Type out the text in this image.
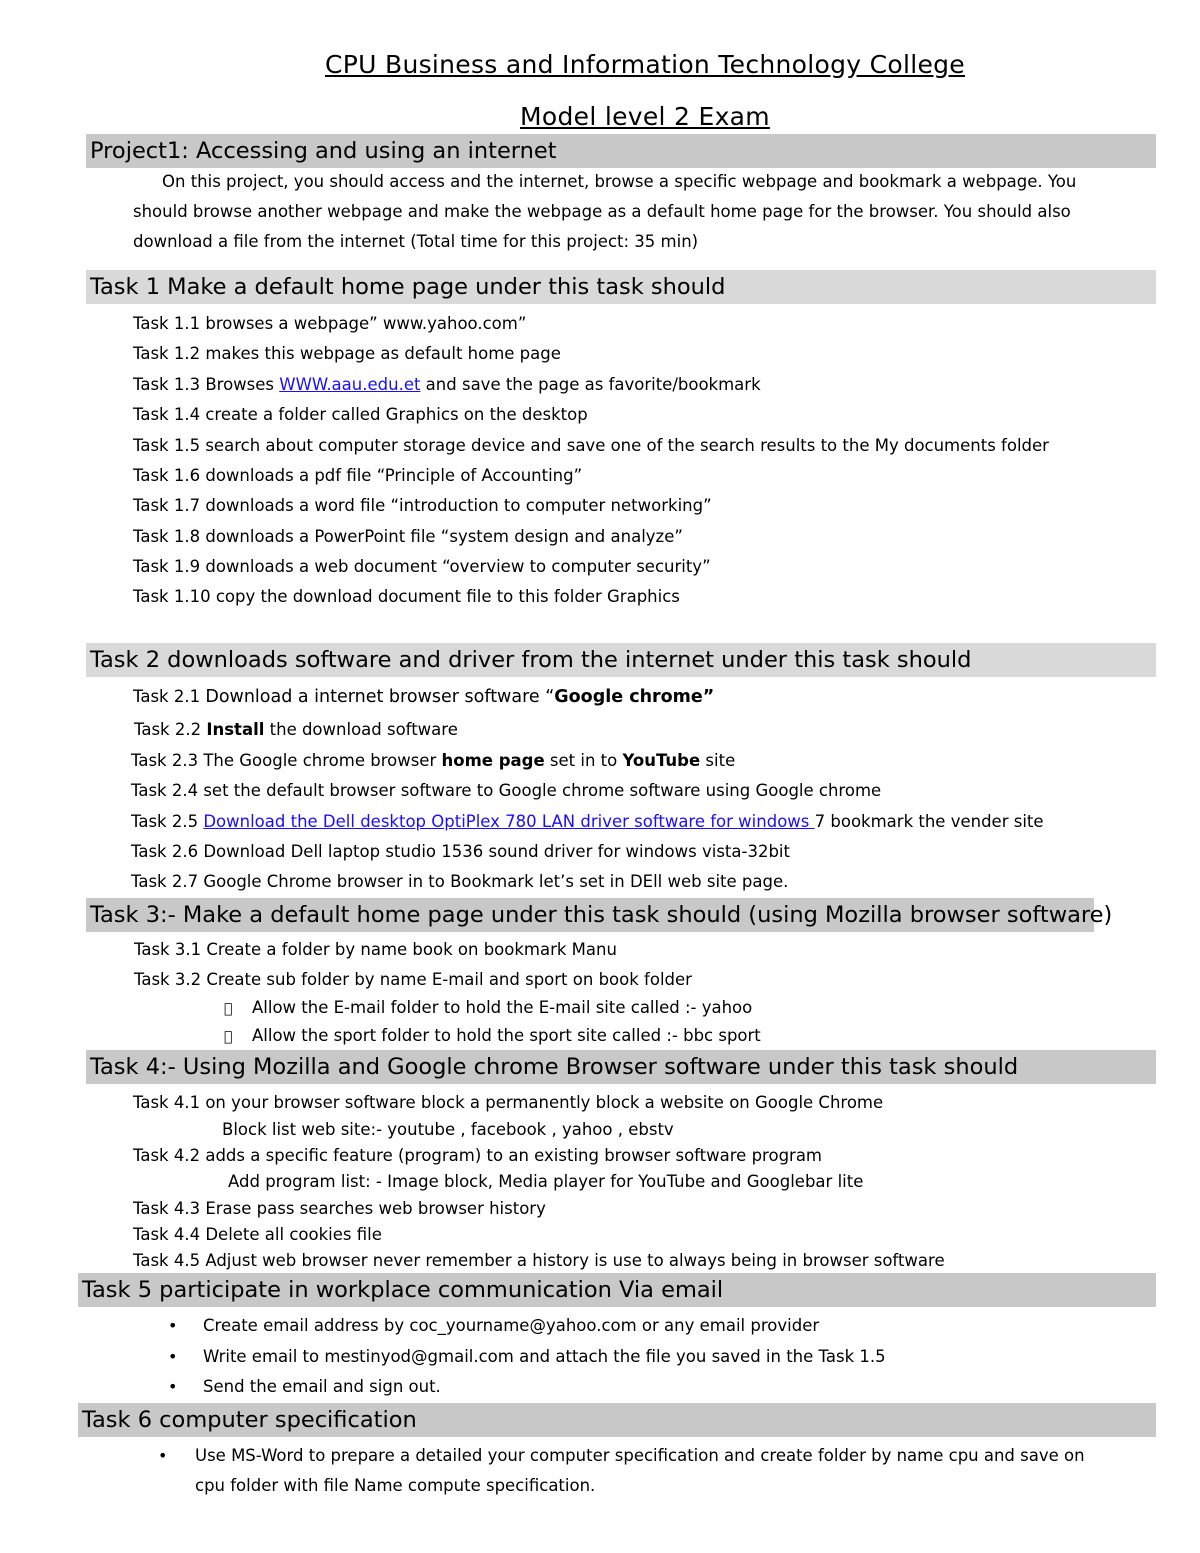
CPU Business and Information Technology College
Model level 2 Exam
Project1: Accessing and using an internet
On this project, you should access and the internet, browse a specific webpage and bookmark a webpage. You
should browse another webpage and make the webpage as a default home page for the browser. You should also
download a file from the internet (Total time for this project: 35 min)
Task 1 Make a default home page under this task should
Task 1.1 browses a webpage” www.yahoo.com”
Task 1.2 makes this webpage as default home page
Task 1.3 Browses WWW.aau.edu.et and save the page as favorite/bookmark
Task 1.4 create a folder called Graphics on the desktop
Task 1.5 search about computer storage device and save one of the search results to the My documents folder
Task 1.6 downloads a pdf file “Principle of Accounting”
Task 1.7 downloads a word file “introduction to computer networking”
Task 1.8 downloads a PowerPoint file “system design and analyze”
Task 1.9 downloads a web document “overview to computer security”
Task 1.10 copy the download document file to this folder Graphics
Task 2 downloads software and driver from the internet under this task should
Task 2.1 Download a internet browser software “Google chrome”
Task 2.2 Install the download software
Task 2.3 The Google chrome browser home page set in to YouTube site
Task 2.4 set the default browser software to Google chrome software using Google chrome
Task 2.5 Download the Dell desktop OptiPlex 780 LAN driver software for windows 7 bookmark the vender site
Task 2.6 Download Dell laptop studio 1536 sound driver for windows vista-32bit
Task 2.7 Google Chrome browser in to Bookmark let’s set in DEll web site page.
Task 3:- Make a default home page under this task should (using Mozilla browser software)
Task 3.1 Create a folder by name book on bookmark Manu
Task 3.2 Create sub folder by name E-mail and sport on book folder
Allow the E-mail folder to hold the E-mail site called :- yahoo
Allow the sport folder to hold the sport site called :- bbc sport
Task 4:- Using Mozilla and Google chrome Browser software under this task should
Task 4.1 on your browser software block a permanently block a website on Google Chrome
Block list web site:- youtube , facebook , yahoo , ebstv
Task 4.2 adds a specific feature (program) to an existing browser software program
Add program list: - Image block, Media player for YouTube and Googlebar lite
Task 4.3 Erase pass searches web browser history
Task 4.4 Delete all cookies file
Task 4.5 Adjust web browser never remember a history is use to always being in browser software
Task 5 participate in workplace communication Via email
• Create email address by coc_yourname@yahoo.com or any email provider
• Write email to mestinyod@gmail.com and attach the file you saved in the Task 1.5
• Send the email and sign out.
Task 6 computer specification
• Use MS-Word to prepare a detailed your computer specification and create folder by name cpu and save on
cpu folder with file Name compute specification.
